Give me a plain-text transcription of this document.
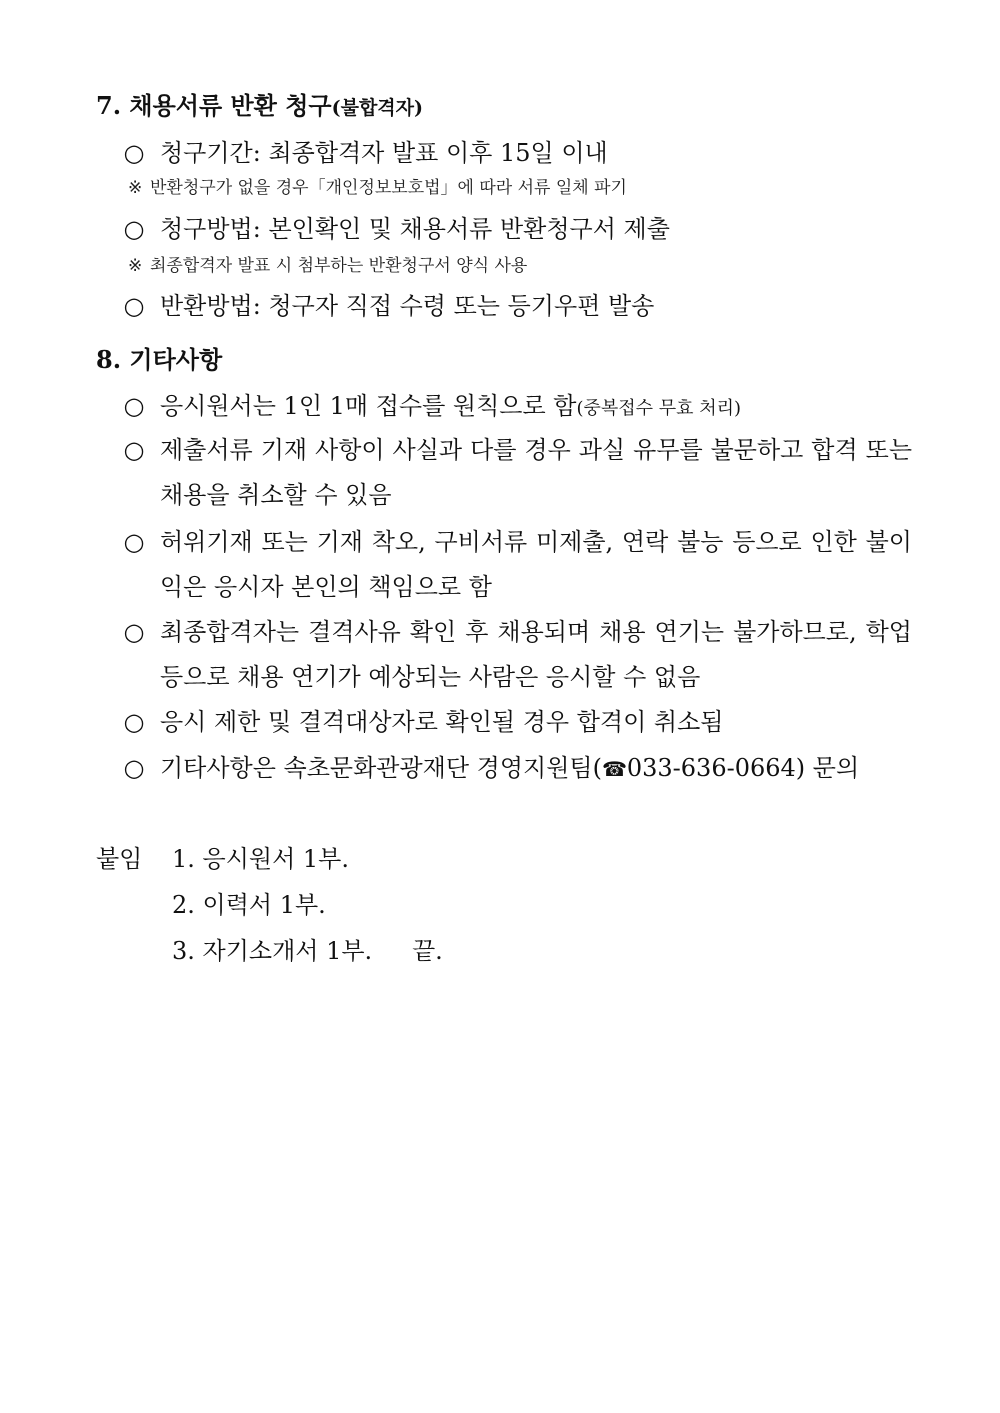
7. 채용서류 반환 청구(불합격자)
○ 청구기간: 최종합격자 발표 이후 15일 이내
※ 반환청구가 없을 경우「개인정보보호법」에 따라 서류 일체 파기
○ 청구방법: 본인확인 및 채용서류 반환청구서 제출
※ 최종합격자 발표 시 첨부하는 반환청구서 양식 사용
○ 반환방법: 청구자 직접 수령 또는 등기우편 발송
8. 기타사항
○ 응시원서는 1인 1매 접수를 원칙으로 함(중복접수 무효 처리)
○ 제출서류 기재 사항이 사실과 다를 경우 과실 유무를 불문하고 합격 또는 채용을 취소할 수 있음
○ 허위기재 또는 기재 착오, 구비서류 미제출, 연락 불능 등으로 인한 불이익은 응시자 본인의 책임으로 함
○ 최종합격자는 결격사유 확인 후 채용되며 채용 연기는 불가하므로, 학업 등으로 채용 연기가 예상되는 사람은 응시할 수 없음
○ 응시 제한 및 결격대상자로 확인될 경우 합격이 취소됨
○ 기타사항은 속초문화관광재단 경영지원팀(☎033-636-0664) 문의
붙임 1. 응시원서 1부.
2. 이력서 1부.
3. 자기소개서 1부. 끝.
